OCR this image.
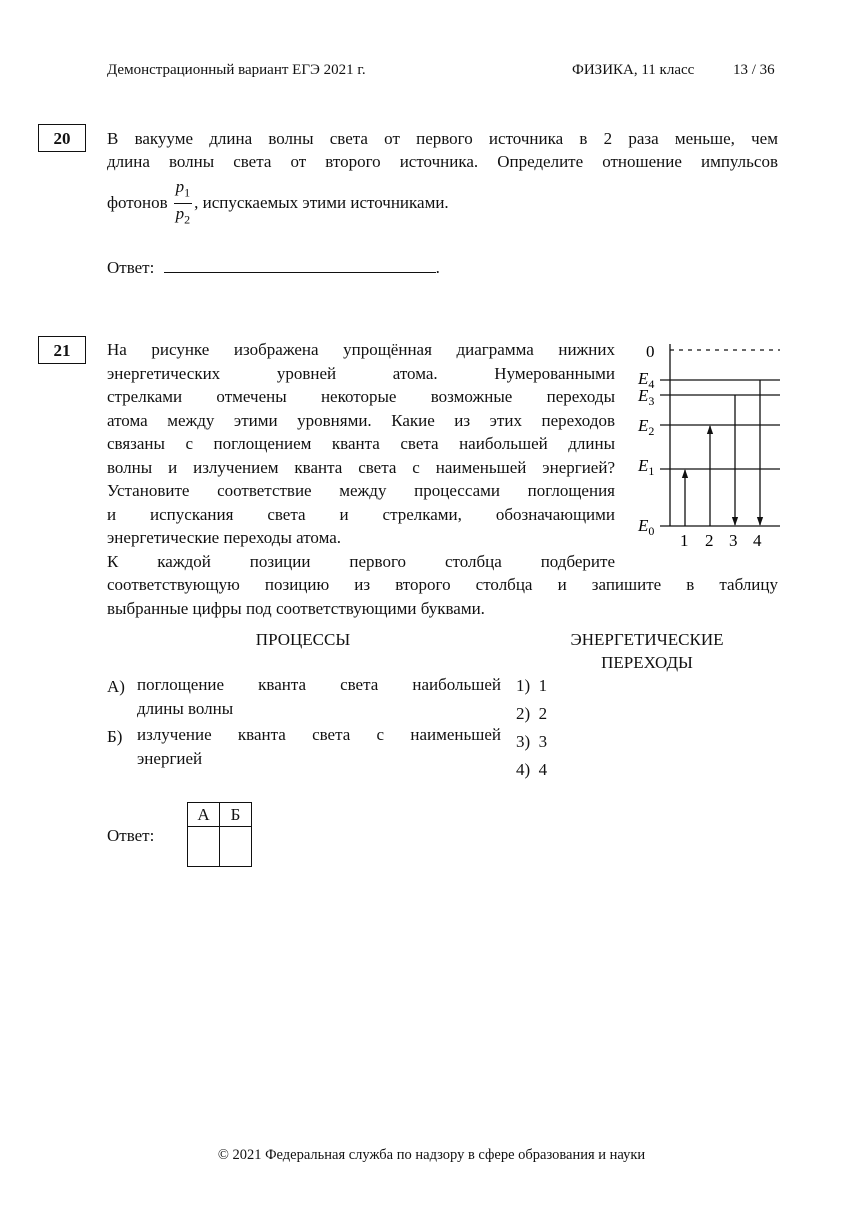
Демонстрационный вариант ЕГЭ 2021 г.	ФИЗИКА, 11 класс	13 / 36
20	В вакууме длина волны света от первого источника в 2 раза меньше, чем
длина волны света от второго источника. Определите отношение импульсов
фотонов $\frac{p_1}{p_2}$ , испускаемых этими источниками.
Ответ:	.
21	На рисунке изображена упрощённая диаграмма нижних
энергетических уровней атома. Нумерованными
стрелками отмечены некоторые возможные переходы
атома между этими уровнями. Какие из этих переходов
связаны с поглощением кванта света наибольшей длины
волны и излучением кванта света с наименьшей энергией?
Установите соответствие между процессами поглощения
и испускания света и стрелками, обозначающими
энергетические переходы атома.
К каждой позиции первого столбца подберите
соответствующую позицию из второго столбца и запишите в таблицу
выбранные цифры под соответствующими буквами.
0
$E_4$
$E_3$
$E_2$
$E_1$
$E_0$ 1 2 3 4
ПРОЦЕССЫ	ЭНЕРГЕТИЧЕСКИЕ
ПЕРЕХОДЫ
А) поглощение кванта света наибольшей
длины волны
Б) излучение кванта света с наименьшей
энергией
1) 1
2) 2
3) 3
4) 4
Ответ:
А	Б

© 2021 Федеральная служба по надзору в сфере образования и науки
